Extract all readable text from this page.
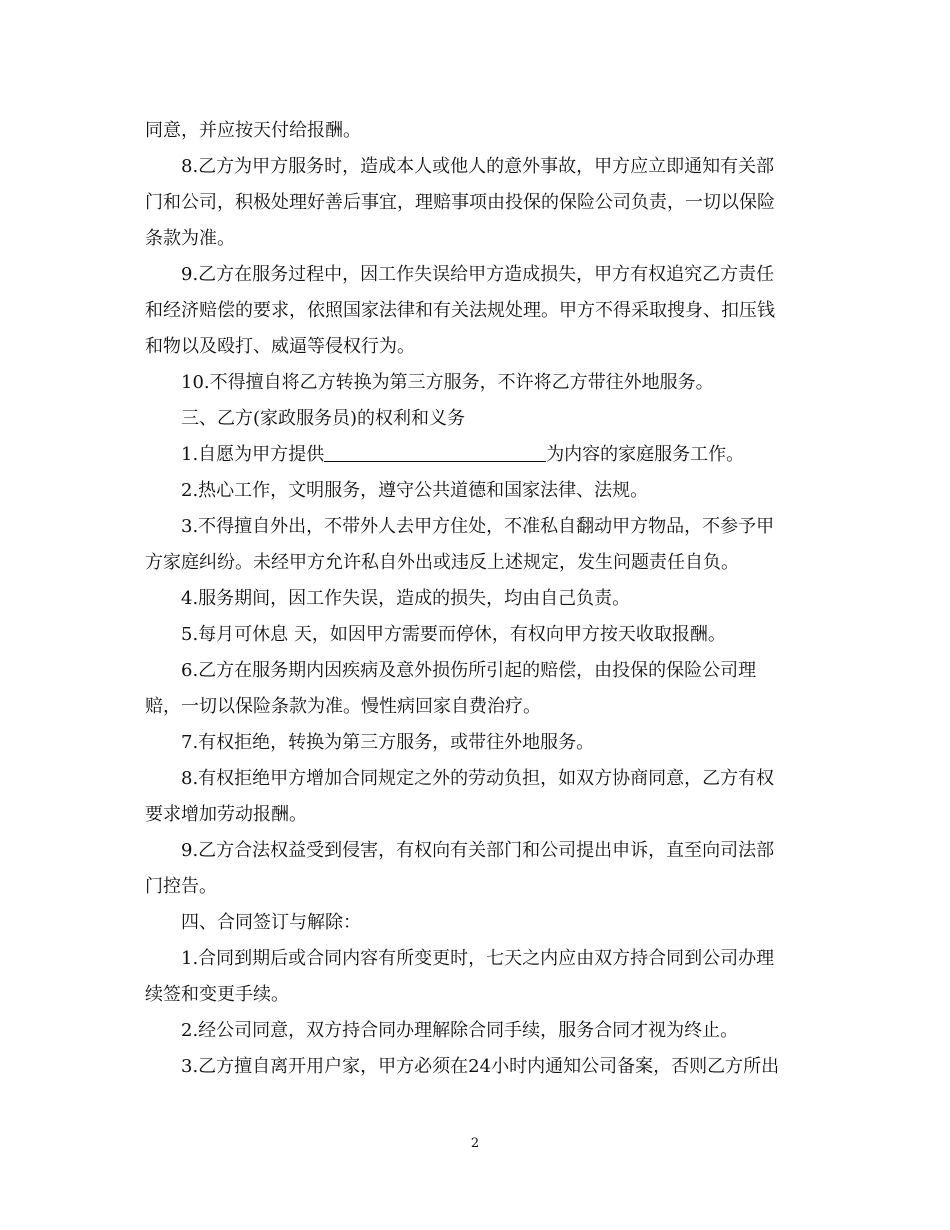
同意，并应按天付给报酬。
8.乙方为甲方服务时，造成本人或他人的意外事故，甲方应立即通知有关部
门和公司，积极处理好善后事宜，理赔事项由投保的保险公司负责，一切以保险
条款为准。
9.乙方在服务过程中，因工作失误给甲方造成损失，甲方有权追究乙方责任
和经济赔偿的要求，依照国家法律和有关法规处理。甲方不得采取搜身、扣压钱
和物以及殴打、威逼等侵权行为。
10.不得擅自将乙方转换为第三方服务，不许将乙方带往外地服务。
三、乙方(家政服务员)的权利和义务
1.自愿为甲方提供	为内容的家庭服务工作。
2.热心工作，文明服务，遵守公共道德和国家法律、法规。
3.不得擅自外出，不带外人去甲方住处，不准私自翻动甲方物品，不参予甲
方家庭纠纷。未经甲方允许私自外出或违反上述规定，发生问题责任自负。
4.服务期间，因工作失误，造成的损失，均由自己负责。
5.每月可休息 天，如因甲方需要而停休，有权向甲方按天收取报酬。
6.乙方在服务期内因疾病及意外损伤所引起的赔偿，由投保的保险公司理
赔，一切以保险条款为准。慢性病回家自费治疗。
7.有权拒绝，转换为第三方服务，或带往外地服务。
8.有权拒绝甲方增加合同规定之外的劳动负担，如双方协商同意，乙方有权
要求增加劳动报酬。
9.乙方合法权益受到侵害，有权向有关部门和公司提出申诉，直至向司法部
门控告。
四、合同签订与解除：
1.合同到期后或合同内容有所变更时，七天之内应由双方持合同到公司办理
续签和变更手续。
2.经公司同意，双方持合同办理解除合同手续，服务合同才视为终止。
3.乙方擅自离开用户家，甲方必须在24小时内通知公司备案，否则乙方所出
2
